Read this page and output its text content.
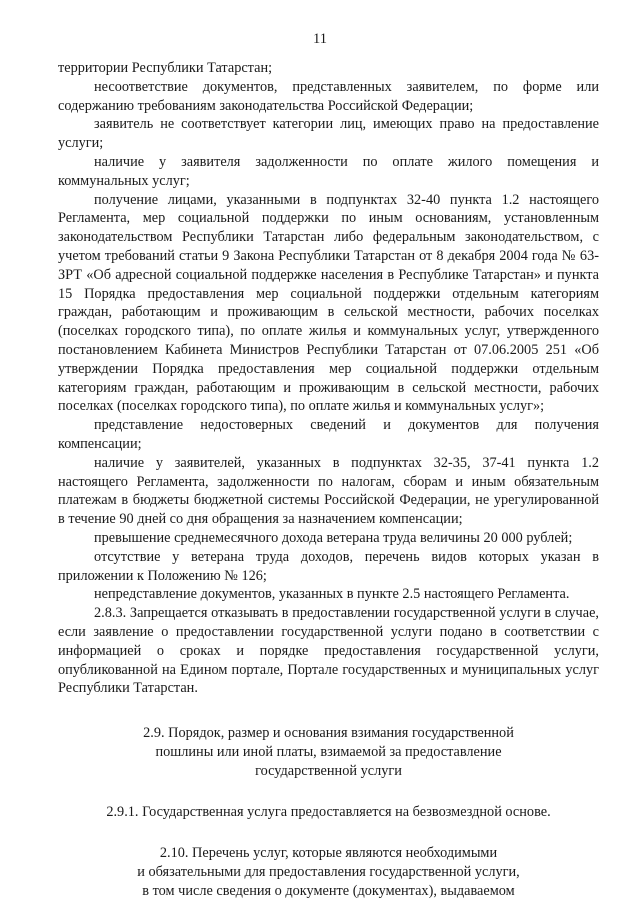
11

территории Республики Татарстан;

несоответствие документов, представленных заявителем, по форме или содержанию требованиям законодательства Российской Федерации;

заявитель не соответствует категории лиц, имеющих право на предоставление услуги;

наличие у заявителя задолженности по оплате жилого помещения и коммунальных услуг;

получение лицами, указанными в подпунктах 32-40 пункта 1.2 настоящего Регламента, мер социальной поддержки по иным основаниям, установленным законодательством Республики Татарстан либо федеральным законодательством, с учетом требований статьи 9 Закона Республики Татарстан от 8 декабря 2004 года № 63-ЗРТ «Об адресной социальной поддержке населения в Республике Татарстан» и пункта 15 Порядка предоставления мер социальной поддержки отдельным категориям граждан, работающим и проживающим в сельской местности, рабочих поселках (поселках городского типа), по оплате жилья и коммунальных услуг, утвержденного постановлением Кабинета Министров Республики Татарстан от 07.06.2005 251 «Об утверждении Порядка предоставления мер социальной поддержки отдельным категориям граждан, работающим и проживающим в сельской местности, рабочих поселках (поселках городского типа), по оплате жилья и коммунальных услуг»;

представление недостоверных сведений и документов для получения компенсации;

наличие у заявителей, указанных в подпунктах 32-35, 37-41 пункта 1.2 настоящего Регламента, задолженности по налогам, сборам и иным обязательным платежам в бюджеты бюджетной системы Российской Федерации, не урегулированной в течение 90 дней со дня обращения за назначением компенсации;

превышение среднемесячного дохода ветерана труда величины 20 000 рублей;

отсутствие у ветерана труда доходов, перечень видов которых указан в приложении к Положению № 126;

непредставление документов, указанных в пункте 2.5 настоящего Регламента.

2.8.3. Запрещается отказывать в предоставлении государственной услуги в случае, если заявление о предоставлении государственной услуги подано в соответствии с информацией о сроках и порядке предоставления государственной услуги, опубликованной на Едином портале, Портале государственных и муниципальных услуг Республики Татарстан.

2.9. Порядок, размер и основания взимания государственной
пошлины или иной платы, взимаемой за предоставление
государственной услуги
2.9.1. Государственная услуга предоставляется на безвозмездной основе.
2.10. Перечень услуг, которые являются необходимыми
и обязательными для предоставления государственной услуги,
в том числе сведения о документе (документах), выдаваемом
